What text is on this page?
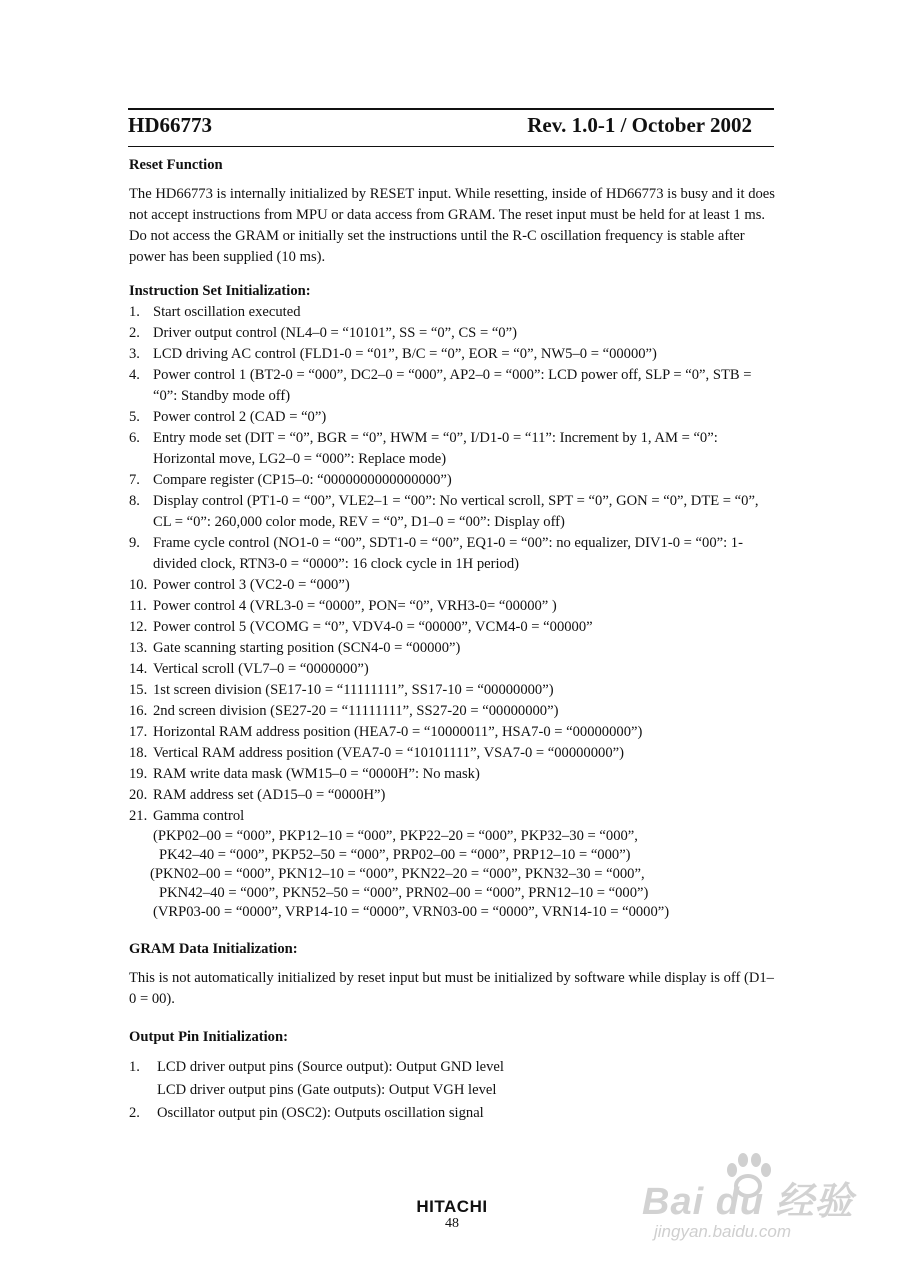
HD66773	Rev. 1.0-1 / October 2002
Reset Function

The HD66773 is internally initialized by RESET input. While resetting, inside of HD66773 is busy and it does not accept instructions from MPU or data access from GRAM. The reset input must be held for at least 1 ms. Do not access the GRAM or initially set the instructions until the R-C oscillation frequency is stable after power has been supplied (10 ms).

Instruction Set Initialization:
1. Start oscillation executed
2. Driver output control (NL4–0 = “10101”, SS = “0”, CS = “0”)
3. LCD driving AC control (FLD1-0 = “01”, B/C = “0”, EOR = “0”, NW5–0 = “00000”)
4. Power control 1 (BT2-0 = “000”, DC2–0 = “000”, AP2–0 = “000”: LCD power off, SLP = “0”, STB = “0”: Standby mode off)
5. Power control 2 (CAD = “0”)
6. Entry mode set (DIT = “0”, BGR = “0”, HWM = “0”, I/D1-0 = “11”: Increment by 1, AM = “0”: Horizontal move, LG2–0 = “000”: Replace mode)
7. Compare register (CP15–0: “0000000000000000”)
8. Display control (PT1-0 = “00”, VLE2–1 = “00”: No vertical scroll, SPT = “0”, GON = “0”, DTE = “0”, CL = “0”: 260,000 color mode, REV = “0”, D1–0 = “00”: Display off)
9. Frame cycle control (NO1-0 = “00”, SDT1-0 = “00”, EQ1-0 = “00”: no equalizer, DIV1-0 = “00”: 1-divided clock, RTN3-0 = “0000”: 16 clock cycle in 1H period)
10. Power control 3 (VC2-0 = “000”)
11. Power control 4 (VRL3-0 = “0000”, PON= “0”, VRH3-0= “00000” )
12. Power control 5 (VCOMG = “0”, VDV4-0 = “00000”, VCM4-0 = “00000”
13. Gate scanning starting position (SCN4-0 = “00000”)
14. Vertical scroll (VL7–0 = “0000000”)
15. 1st screen division (SE17-10 = “11111111”, SS17-10 = “00000000”)
16. 2nd screen division (SE27-20 = “11111111”, SS27-20 = “00000000”)
17. Horizontal RAM address position (HEA7-0 = “10000011”, HSA7-0 = “00000000”)
18. Vertical RAM address position (VEA7-0 = “10101111”, VSA7-0 = “00000000”)
19. RAM write data mask (WM15–0 = “0000H”: No mask)
20. RAM address set (AD15–0 = “0000H”)
21. Gamma control
(PKP02–00 = “000”, PKP12–10 = “000”, PKP22–20 = “000”, PKP32–30 = “000”,
PK42–40 = “000”, PKP52–50 = “000”, PRP02–00 = “000”, PRP12–10 = “000”)
(PKN02–00 = “000”, PKN12–10 = “000”, PKN22–20 = “000”, PKN32–30 = “000”,
PKN42–40 = “000”, PKN52–50 = “000”, PRN02–00 = “000”, PRN12–10 = “000”)
(VRP03-00 = “0000”, VRP14-10 = “0000”, VRN03-00 = “0000”, VRN14-10 = “0000”)
GRAM Data Initialization:

This is not automatically initialized by reset input but must be initialized by software while display is off (D1–0 = 00).

Output Pin Initialization:
1.	LCD driver output pins (Source output): Output GND level
LCD driver output pins (Gate outputs): Output VGH level
2.	Oscillator output pin (OSC2): Outputs oscillation signal
HITACHI
48
Bai du 经验
jingyan.baidu.com
